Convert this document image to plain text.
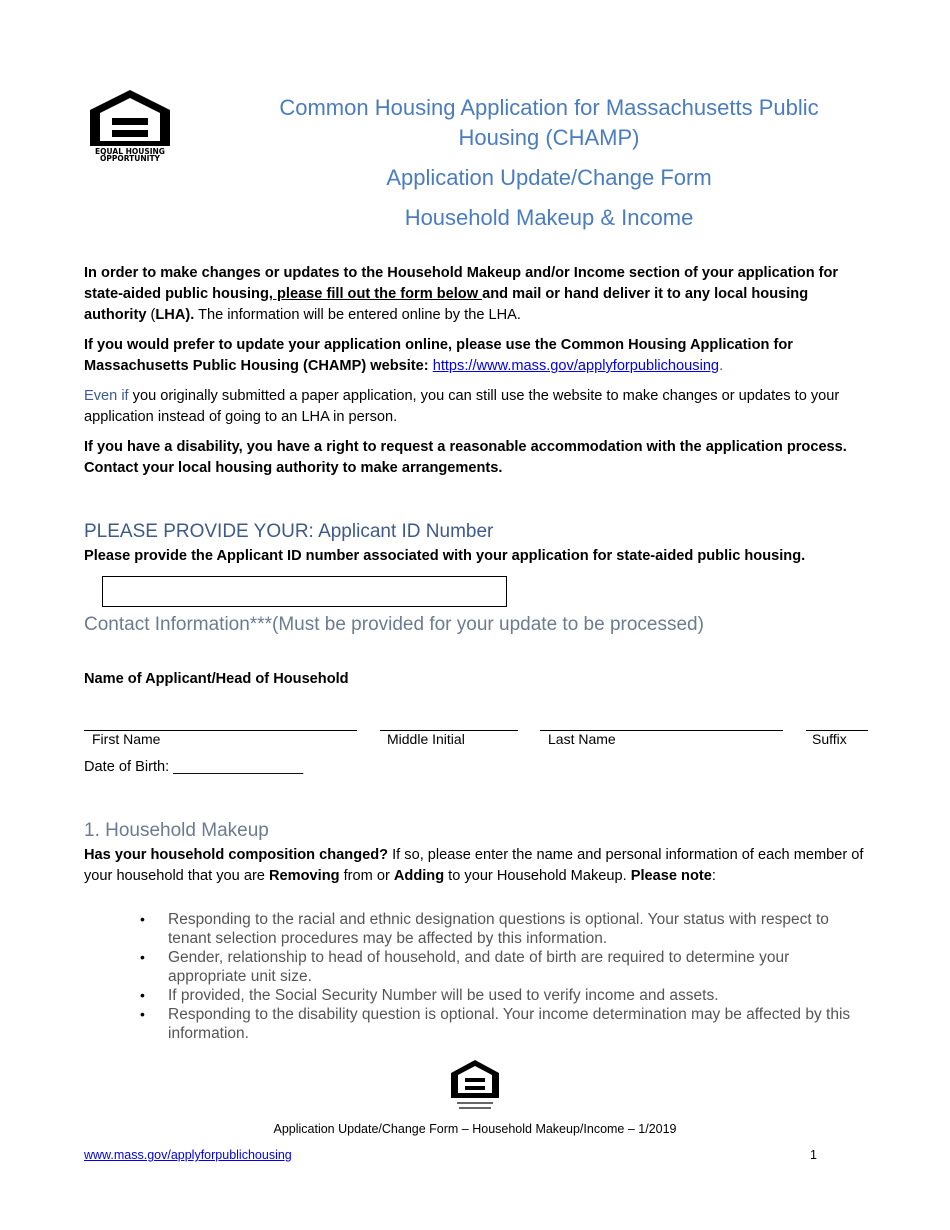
EQUAL HOUSING
OPPORTUNITY
Common Housing Application for Massachusetts Public
Housing (CHAMP)
Application Update/Change Form
Household Makeup & Income
In order to make changes or updates to the Household Makeup and/or Income section of your application for state-aided public housing, please fill out the form below and mail or hand deliver it to any local housing authority (LHA). The information will be entered online by the LHA.
If you would prefer to update your application online, please use the Common Housing Application for Massachusetts Public Housing (CHAMP) website: https://www.mass.gov/applyforpublichousing.
Even if you originally submitted a paper application, you can still use the website to make changes or updates to your application instead of going to an LHA in person.
If you have a disability, you have a right to request a reasonable accommodation with the application process. Contact your local housing authority to make arrangements.
PLEASE PROVIDE YOUR: Applicant ID Number
Please provide the Applicant ID number associated with your application for state-aided public housing.
Contact Information***(Must be provided for your update to be processed)
Name of Applicant/Head of Household
First Name	Middle Initial	Last Name	Suffix
Date of Birth: ________________
1. Household Makeup
Has your household composition changed? If so, please enter the name and personal information of each member of your household that you are Removing from or Adding to your Household Makeup. Please note:
• Responding to the racial and ethnic designation questions is optional. Your status with respect to tenant selection procedures may be affected by this information.
• Gender, relationship to head of household, and date of birth are required to determine your appropriate unit size.
• If provided, the Social Security Number will be used to verify income and assets.
• Responding to the disability question is optional. Your income determination may be affected by this information.
Application Update/Change Form – Household Makeup/Income – 1/2019
www.mass.gov/applyforpublichousing	1
